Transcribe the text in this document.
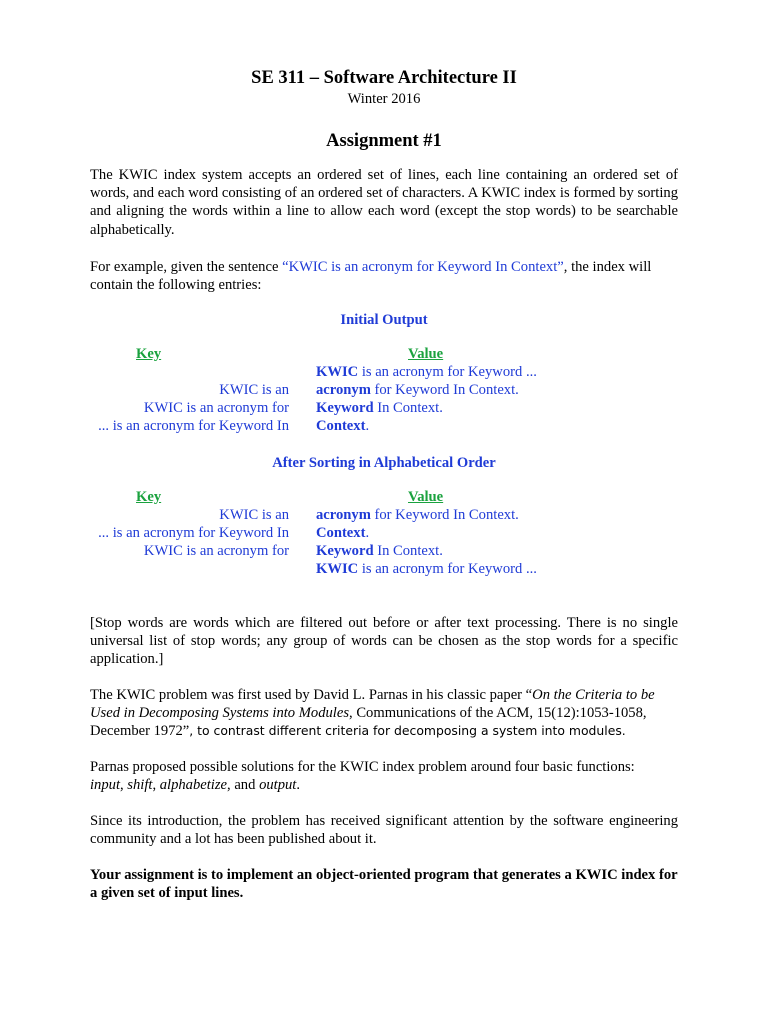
SE 311 – Software Architecture II
Winter 2016
Assignment #1

The KWIC index system accepts an ordered set of lines, each line containing an ordered set of words, and each word consisting of an ordered set of characters. A KWIC index is formed by sorting and aligning the words within a line to allow each word (except the stop words) to be searchable alphabetically.

For example, given the sentence “KWIC is an acronym for Keyword In Context”, the index will contain the following entries:

Initial Output
Key	Value
KWIC is an
KWIC is an acronym for
... is an acronym for Keyword In
KWIC is an acronym for Keyword ...
acronym for Keyword In Context.
Keyword In Context.
Context.
After Sorting in Alphabetical Order
Key	Value
KWIC is an
... is an acronym for Keyword In
KWIC is an acronym for
acronym for Keyword In Context.
Context.
Keyword In Context.
KWIC is an acronym for Keyword ...

[Stop words are words which are filtered out before or after text processing. There is no single universal list of stop words; any group of words can be chosen as the stop words for a specific application.]

The KWIC problem was first used by David L. Parnas in his classic paper “On the Criteria to be
Used in Decomposing Systems into Modules, Communications of the ACM, 15(12):1053-1058,
December 1972”, to contrast different criteria for decomposing a system into modules.

Parnas proposed possible solutions for the KWIC index problem around four basic functions:
input, shift, alphabetize, and output.

Since its introduction, the problem has received significant attention by the software engineering community and a lot has been published about it.

Your assignment is to implement an object-oriented program that generates a KWIC index for a given set of input lines.
